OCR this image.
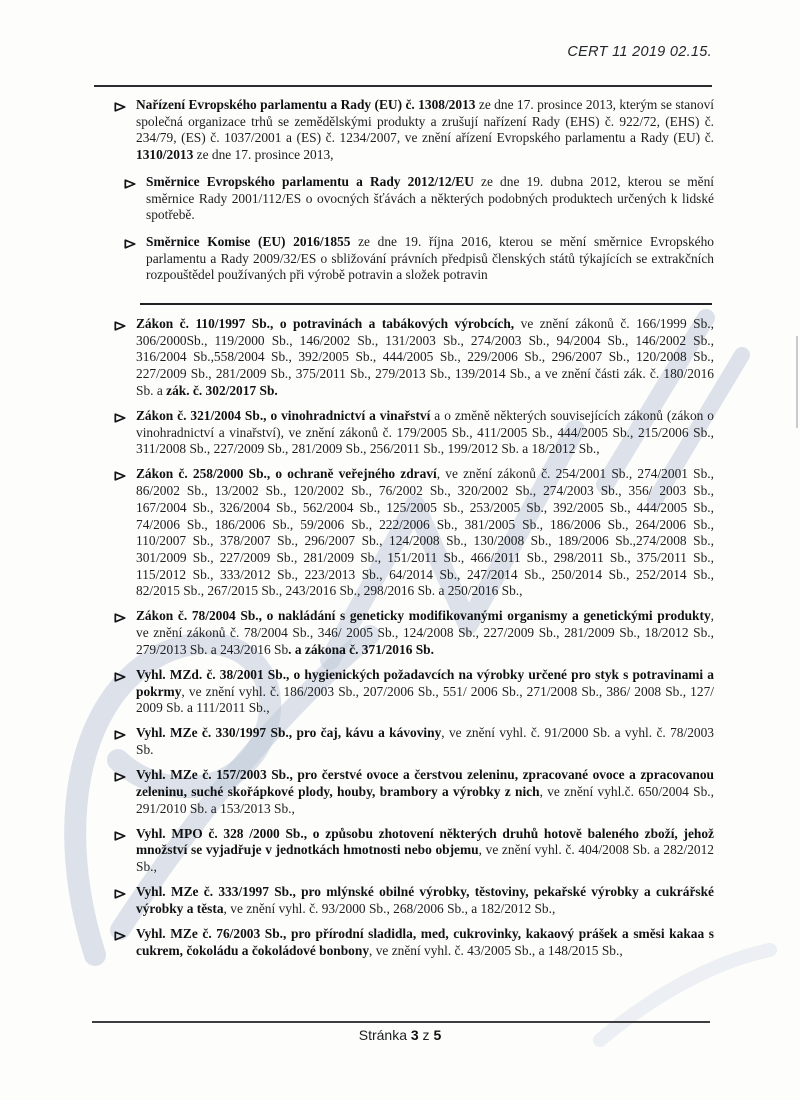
CERT 11 2019 02.15.
Nařízení Evropského parlamentu a Rady (EU) č. 1308/2013 ze dne 17. prosince 2013, kterým se stanoví společná organizace trhů se zemědělskými produkty a zrušují nařízení Rady (EHS) č. 922/72, (EHS) č. 234/79, (ES) č. 1037/2001 a (ES) č. 1234/2007, ve znění ařízení Evropského parlamentu a Rady (EU) č. 1310/2013 ze dne 17. prosince 2013,
Směrnice Evropského parlamentu a Rady 2012/12/EU ze dne 19. dubna 2012, kterou se mění směrnice Rady 2001/112/ES o ovocných šťávách a některých podobných produktech určených k lidské spotřebě.
Směrnice Komise (EU) 2016/1855 ze dne 19. října 2016, kterou se mění směrnice Evropského parlamentu a Rady 2009/32/ES o sbližování právních předpisů členských států týkajících se extrakčních rozpouštědel používaných při výrobě potravin a složek potravin
Zákon č. 110/1997 Sb., o potravinách a tabákových výrobcích, ve znění zákonů č. 166/1999 Sb., 306/2000Sb., 119/2000 Sb., 146/2002 Sb., 131/2003 Sb., 274/2003 Sb., 94/2004 Sb., 146/2002 Sb., 316/2004 Sb.,558/2004 Sb., 392/2005 Sb., 444/2005 Sb., 229/2006 Sb., 296/2007 Sb., 120/2008 Sb., 227/2009 Sb., 281/2009 Sb., 375/2011 Sb., 279/2013 Sb., 139/2014 Sb., a ve znění části zák. č. 180/2016 Sb. a zák. č. 302/2017 Sb.
Zákon č. 321/2004 Sb., o vinohradnictví a vinařství a o změně některých souvisejících zákonů (zákon o vinohradnictví a vinařství), ve znění zákonů č. 179/2005 Sb., 411/2005 Sb., 444/2005 Sb., 215/2006 Sb., 311/2008 Sb., 227/2009 Sb., 281/2009 Sb., 256/2011 Sb., 199/2012 Sb. a 18/2012 Sb.,
Zákon č. 258/2000 Sb., o ochraně veřejného zdraví, ve znění zákonů č. 254/2001 Sb., 274/2001 Sb., 86/2002 Sb., 13/2002 Sb., 120/2002 Sb., 76/2002 Sb., 320/2002 Sb., 274/2003 Sb., 356/ 2003 Sb., 167/2004 Sb., 326/2004 Sb., 562/2004 Sb., 125/2005 Sb., 253/2005 Sb., 392/2005 Sb., 444/2005 Sb., 74/2006 Sb., 186/2006 Sb., 59/2006 Sb., 222/2006 Sb., 381/2005 Sb., 186/2006 Sb., 264/2006 Sb., 110/2007 Sb., 378/2007 Sb., 296/2007 Sb., 124/2008 Sb., 130/2008 Sb., 189/2006 Sb.,274/2008 Sb., 301/2009 Sb., 227/2009 Sb., 281/2009 Sb., 151/2011 Sb., 466/2011 Sb., 298/2011 Sb., 375/2011 Sb., 115/2012 Sb., 333/2012 Sb., 223/2013 Sb., 64/2014 Sb., 247/2014 Sb., 250/2014 Sb., 252/2014 Sb., 82/2015 Sb., 267/2015 Sb., 243/2016 Sb., 298/2016 Sb. a 250/2016 Sb.,
Zákon č. 78/2004 Sb., o nakládání s geneticky modifikovanými organismy a genetickými produkty, ve znění zákonů č. 78/2004 Sb., 346/ 2005 Sb., 124/2008 Sb., 227/2009 Sb., 281/2009 Sb., 18/2012 Sb., 279/2013 Sb. a 243/2016 Sb. a zákona č. 371/2016 Sb.
Vyhl. MZd. č. 38/2001 Sb., o hygienických požadavcích na výrobky určené pro styk s potravinami a pokrmy, ve znění vyhl. č. 186/2003 Sb., 207/2006 Sb., 551/ 2006 Sb., 271/2008 Sb., 386/ 2008 Sb., 127/ 2009 Sb. a 111/2011 Sb.,
Vyhl. MZe č. 330/1997 Sb., pro čaj, kávu a kávoviny, ve znění vyhl. č. 91/2000 Sb. a vyhl. č. 78/2003 Sb.
Vyhl. MZe č. 157/2003 Sb., pro čerstvé ovoce a čerstvou zeleninu, zpracované ovoce a zpracovanou zeleninu, suché skořápkové plody, houby, brambory a výrobky z nich, ve znění vyhl.č. 650/2004 Sb., 291/2010 Sb. a 153/2013 Sb.,
Vyhl. MPO č. 328 /2000 Sb., o způsobu zhotovení některých druhů hotově baleného zboží, jehož množství se vyjadřuje v jednotkách hmotnosti nebo objemu, ve znění vyhl. č. 404/2008 Sb. a 282/2012 Sb.,
Vyhl. MZe č. 333/1997 Sb., pro mlýnské obilné výrobky, těstoviny, pekařské výrobky a cukrářské výrobky a těsta, ve znění vyhl. č. 93/2000 Sb., 268/2006 Sb., a 182/2012 Sb.,
Vyhl. MZe č. 76/2003 Sb., pro přírodní sladidla, med, cukrovinky, kakaový prášek a směsi kakaa s cukrem, čokoládu a čokoládové bonbony, ve znění vyhl. č. 43/2005 Sb., a 148/2015 Sb.,
Stránka 3 z 5
